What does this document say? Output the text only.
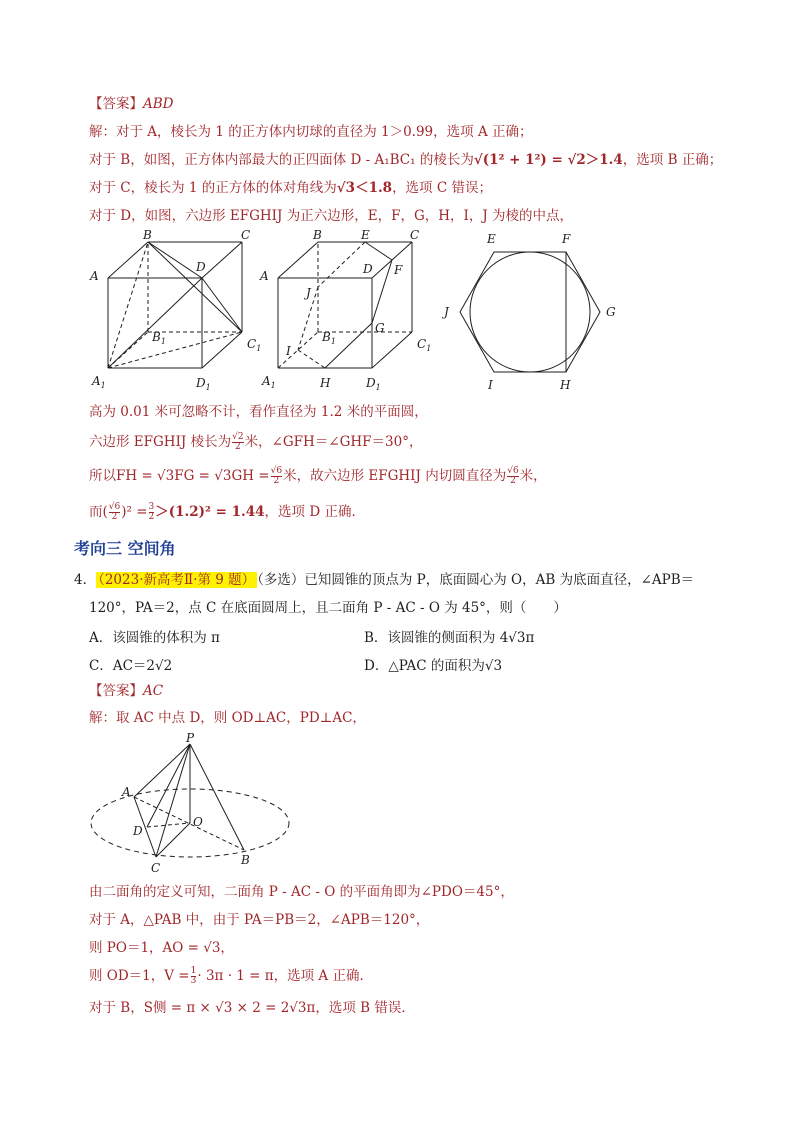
【答案】ABD
解：对于 A，棱长为 1 的正方体内切球的直径为 1＞0.99，选项 A 正确；
对于 B，如图，正方体内部最大的正四面体 D - A₁BC₁ 的棱长为√(1² + 1²) = √2＞1.4，选项 B 正确；
对于 C，棱长为 1 的正方体的体对角线为√3＜1.8，选项 C 错误；
对于 D，如图，六边形 EFGHIJ 为正六边形，E，F，G，H，I，J 为棱的中点，
B	C
A
D
$B_1$	$C_1$
$A_1$	$D_1$
B	E	C
A	D F
J
$B_1$
G
I	$C_1$
$A_1$	H	$D_1$
E	F
J	G
I	H
高为 0.01 米可忽略不计，看作直径为 1.2 米的平面圆，
六边形 EFGHIJ 棱长为 $\frac{√2}{2}$ 米，∠GFH＝∠GHF＝30°，
所以FH = $√3FG = √3GH = \frac{√6}{2}$ 米，故六边形 EFGHIJ 内切圆直径为 $\frac{√6}{2}$ 米，
而( $\frac{√6}{2} )^2 = \frac{3}{2} >(1.2)^2 = 1.44$，选项 D 正确．
考向三 空间角
4． （2023·新高考Ⅱ·第 9 题） （多选）已知圆锥的顶点为 P，底面圆心为 O，AB 为底面直径，∠APB＝
120°，PA＝2，点 C 在底面圆周上，且二面角 P - AC - O 为 45°，则（　　）
A．该圆锥的体积为 π	B．该圆锥的侧面积为 4√3π
C．AC＝2√2	D．△PAC 的面积为√3
【答案】AC
解：取 AC 中点 D，则 OD⊥AC，PD⊥AC，
P
A
D
O
C
B
由二面角的定义可知，二面角 P - AC - O 的平面角即为∠PDO＝45°，
对于 A，△PAB 中，由于 PA＝PB＝2，∠APB＝120°，
则 PO＝1，AO = √3，
则 OD＝1，$V = \frac{1}{3} \cdot 3\pi \cdot 1 = \pi$，选项 A 正确．
对于 B，S侧 = π × √3 × 2 = 2√3π，选项 B 错误．
